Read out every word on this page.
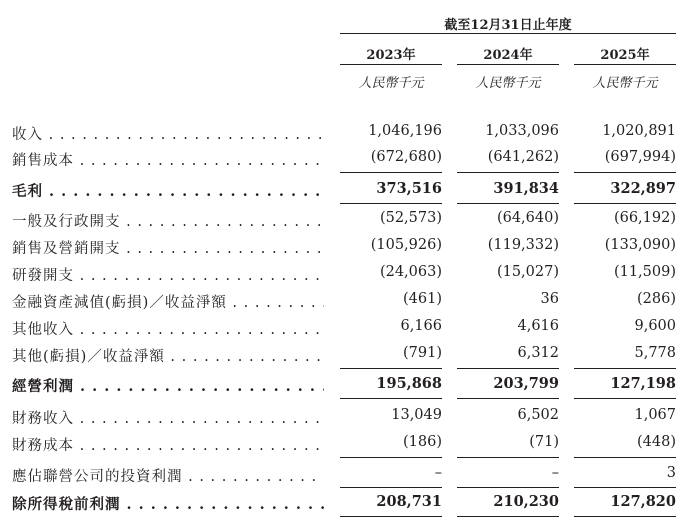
截至12月31日止年度
2023年	2024年	2025年
人民幣千元	人民幣千元	人民幣千元
收入 . . .	1,046,196	1,033,096	1,020,891
銷售成本 . . .	(672,680)	(641,262)	(697,994)
毛利 . . .	373,516	391,834	322,897
一般及行政開支 . . .	(52,573)	(64,640)	(66,192)
銷售及營銷開支 . . .	(105,926)	(119,332)	(133,090)
研發開支 . . .	(24,063)	(15,027)	(11,509)
金融資產減值(虧損)／收益淨額 . . .	(461)	36	(286)
其他收入 . . .	6,166	4,616	9,600
其他(虧損)／收益淨額 . . .	(791)	6,312	5,778
經營利潤 . . .	195,868	203,799	127,198
財務收入 . . .	13,049	6,502	1,067
財務成本 . . .	(186)	(71)	(448)
應佔聯營公司的投資利潤 . . .	–	–	3
除所得稅前利潤 . . .	208,731	210,230	127,820
